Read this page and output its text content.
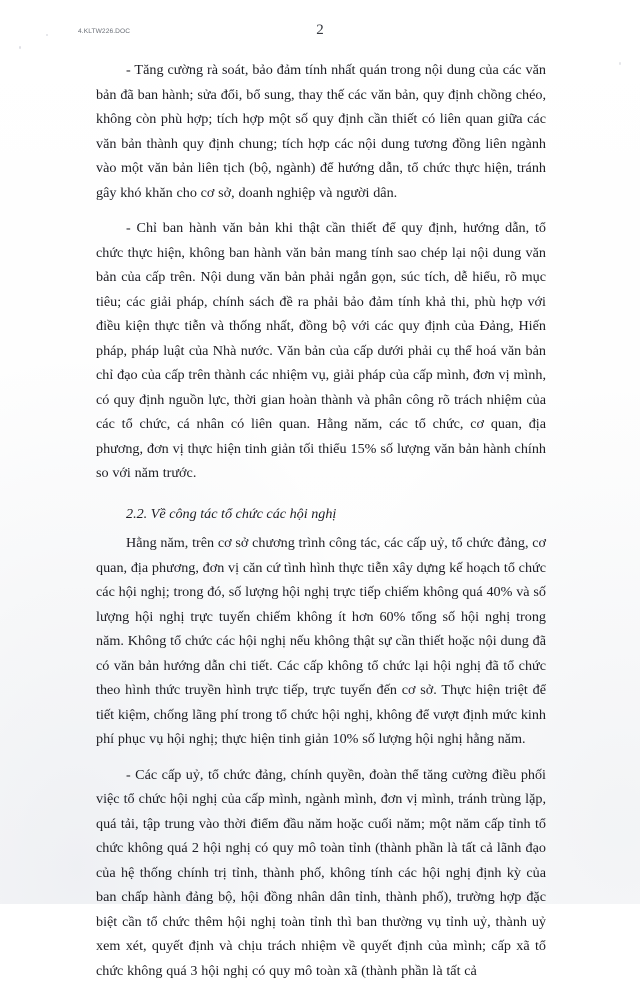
4.KLTW226.DOC	2

- Tăng cường rà soát, bảo đảm tính nhất quán trong nội dung của các văn bản đã ban hành; sửa đổi, bổ sung, thay thế các văn bản, quy định chồng chéo, không còn phù hợp; tích hợp một số quy định cần thiết có liên quan giữa các văn bản thành quy định chung; tích hợp các nội dung tương đồng liên ngành vào một văn bản liên tịch (bộ, ngành) để hướng dẫn, tổ chức thực hiện, tránh gây khó khăn cho cơ sở, doanh nghiệp và người dân.

- Chỉ ban hành văn bản khi thật cần thiết để quy định, hướng dẫn, tổ chức thực hiện, không ban hành văn bản mang tính sao chép lại nội dung văn bản của cấp trên. Nội dung văn bản phải ngắn gọn, súc tích, dễ hiểu, rõ mục tiêu; các giải pháp, chính sách đề ra phải bảo đảm tính khả thi, phù hợp với điều kiện thực tiễn và thống nhất, đồng bộ với các quy định của Đảng, Hiến pháp, pháp luật của Nhà nước. Văn bản của cấp dưới phải cụ thể hoá văn bản chỉ đạo của cấp trên thành các nhiệm vụ, giải pháp của cấp mình, đơn vị mình, có quy định nguồn lực, thời gian hoàn thành và phân công rõ trách nhiệm của các tổ chức, cá nhân có liên quan. Hằng năm, các tổ chức, cơ quan, địa phương, đơn vị thực hiện tinh giản tối thiểu 15% số lượng văn bản hành chính so với năm trước.

2.2. Về công tác tổ chức các hội nghị

Hằng năm, trên cơ sở chương trình công tác, các cấp uỷ, tổ chức đảng, cơ quan, địa phương, đơn vị căn cứ tình hình thực tiễn xây dựng kế hoạch tổ chức các hội nghị; trong đó, số lượng hội nghị trực tiếp chiếm không quá 40% và số lượng hội nghị trực tuyến chiếm không ít hơn 60% tổng số hội nghị trong năm. Không tổ chức các hội nghị nếu không thật sự cần thiết hoặc nội dung đã có văn bản hướng dẫn chi tiết. Các cấp không tổ chức lại hội nghị đã tổ chức theo hình thức truyền hình trực tiếp, trực tuyến đến cơ sở. Thực hiện triệt để tiết kiệm, chống lãng phí trong tổ chức hội nghị, không để vượt định mức kinh phí phục vụ hội nghị; thực hiện tinh giản 10% số lượng hội nghị hằng năm.

- Các cấp uỷ, tổ chức đảng, chính quyền, đoàn thể tăng cường điều phối việc tổ chức hội nghị của cấp mình, ngành mình, đơn vị mình, tránh trùng lặp, quá tải, tập trung vào thời điểm đầu năm hoặc cuối năm; một năm cấp tỉnh tổ chức không quá 2 hội nghị có quy mô toàn tỉnh (thành phần là tất cả lãnh đạo của hệ thống chính trị tỉnh, thành phố, không tính các hội nghị định kỳ của ban chấp hành đảng bộ, hội đồng nhân dân tỉnh, thành phố), trường hợp đặc biệt cần tổ chức thêm hội nghị toàn tỉnh thì ban thường vụ tỉnh uỷ, thành uỷ xem xét, quyết định và chịu trách nhiệm về quyết định của mình; cấp xã tổ chức không quá 3 hội nghị có quy mô toàn xã (thành phần là tất cả
